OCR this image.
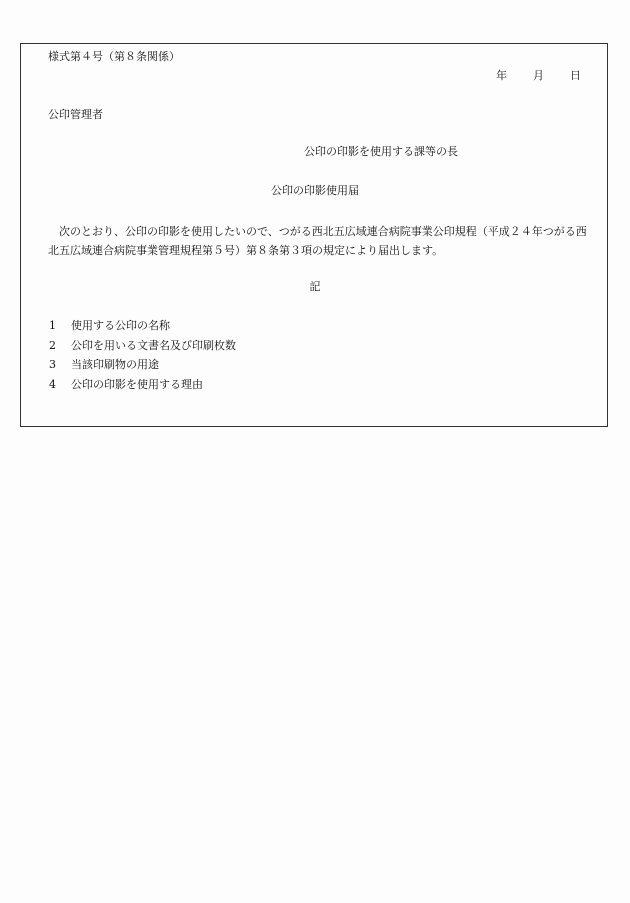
様式第４号（第８条関係）
年 月 日
公印管理者
公印の印影を使用する課等の長
公印の印影使用届
次のとおり、公印の印影を使用したいので、つがる西北五広域連合病院事業公印規程（平成２４年つがる西北五広域連合病院事業管理規程第５号）第８条第３項の規定により届出します。
記
1 使用する公印の名称
2 公印を用いる文書名及び印刷枚数
3 当該印刷物の用途
4 公印の印影を使用する理由
